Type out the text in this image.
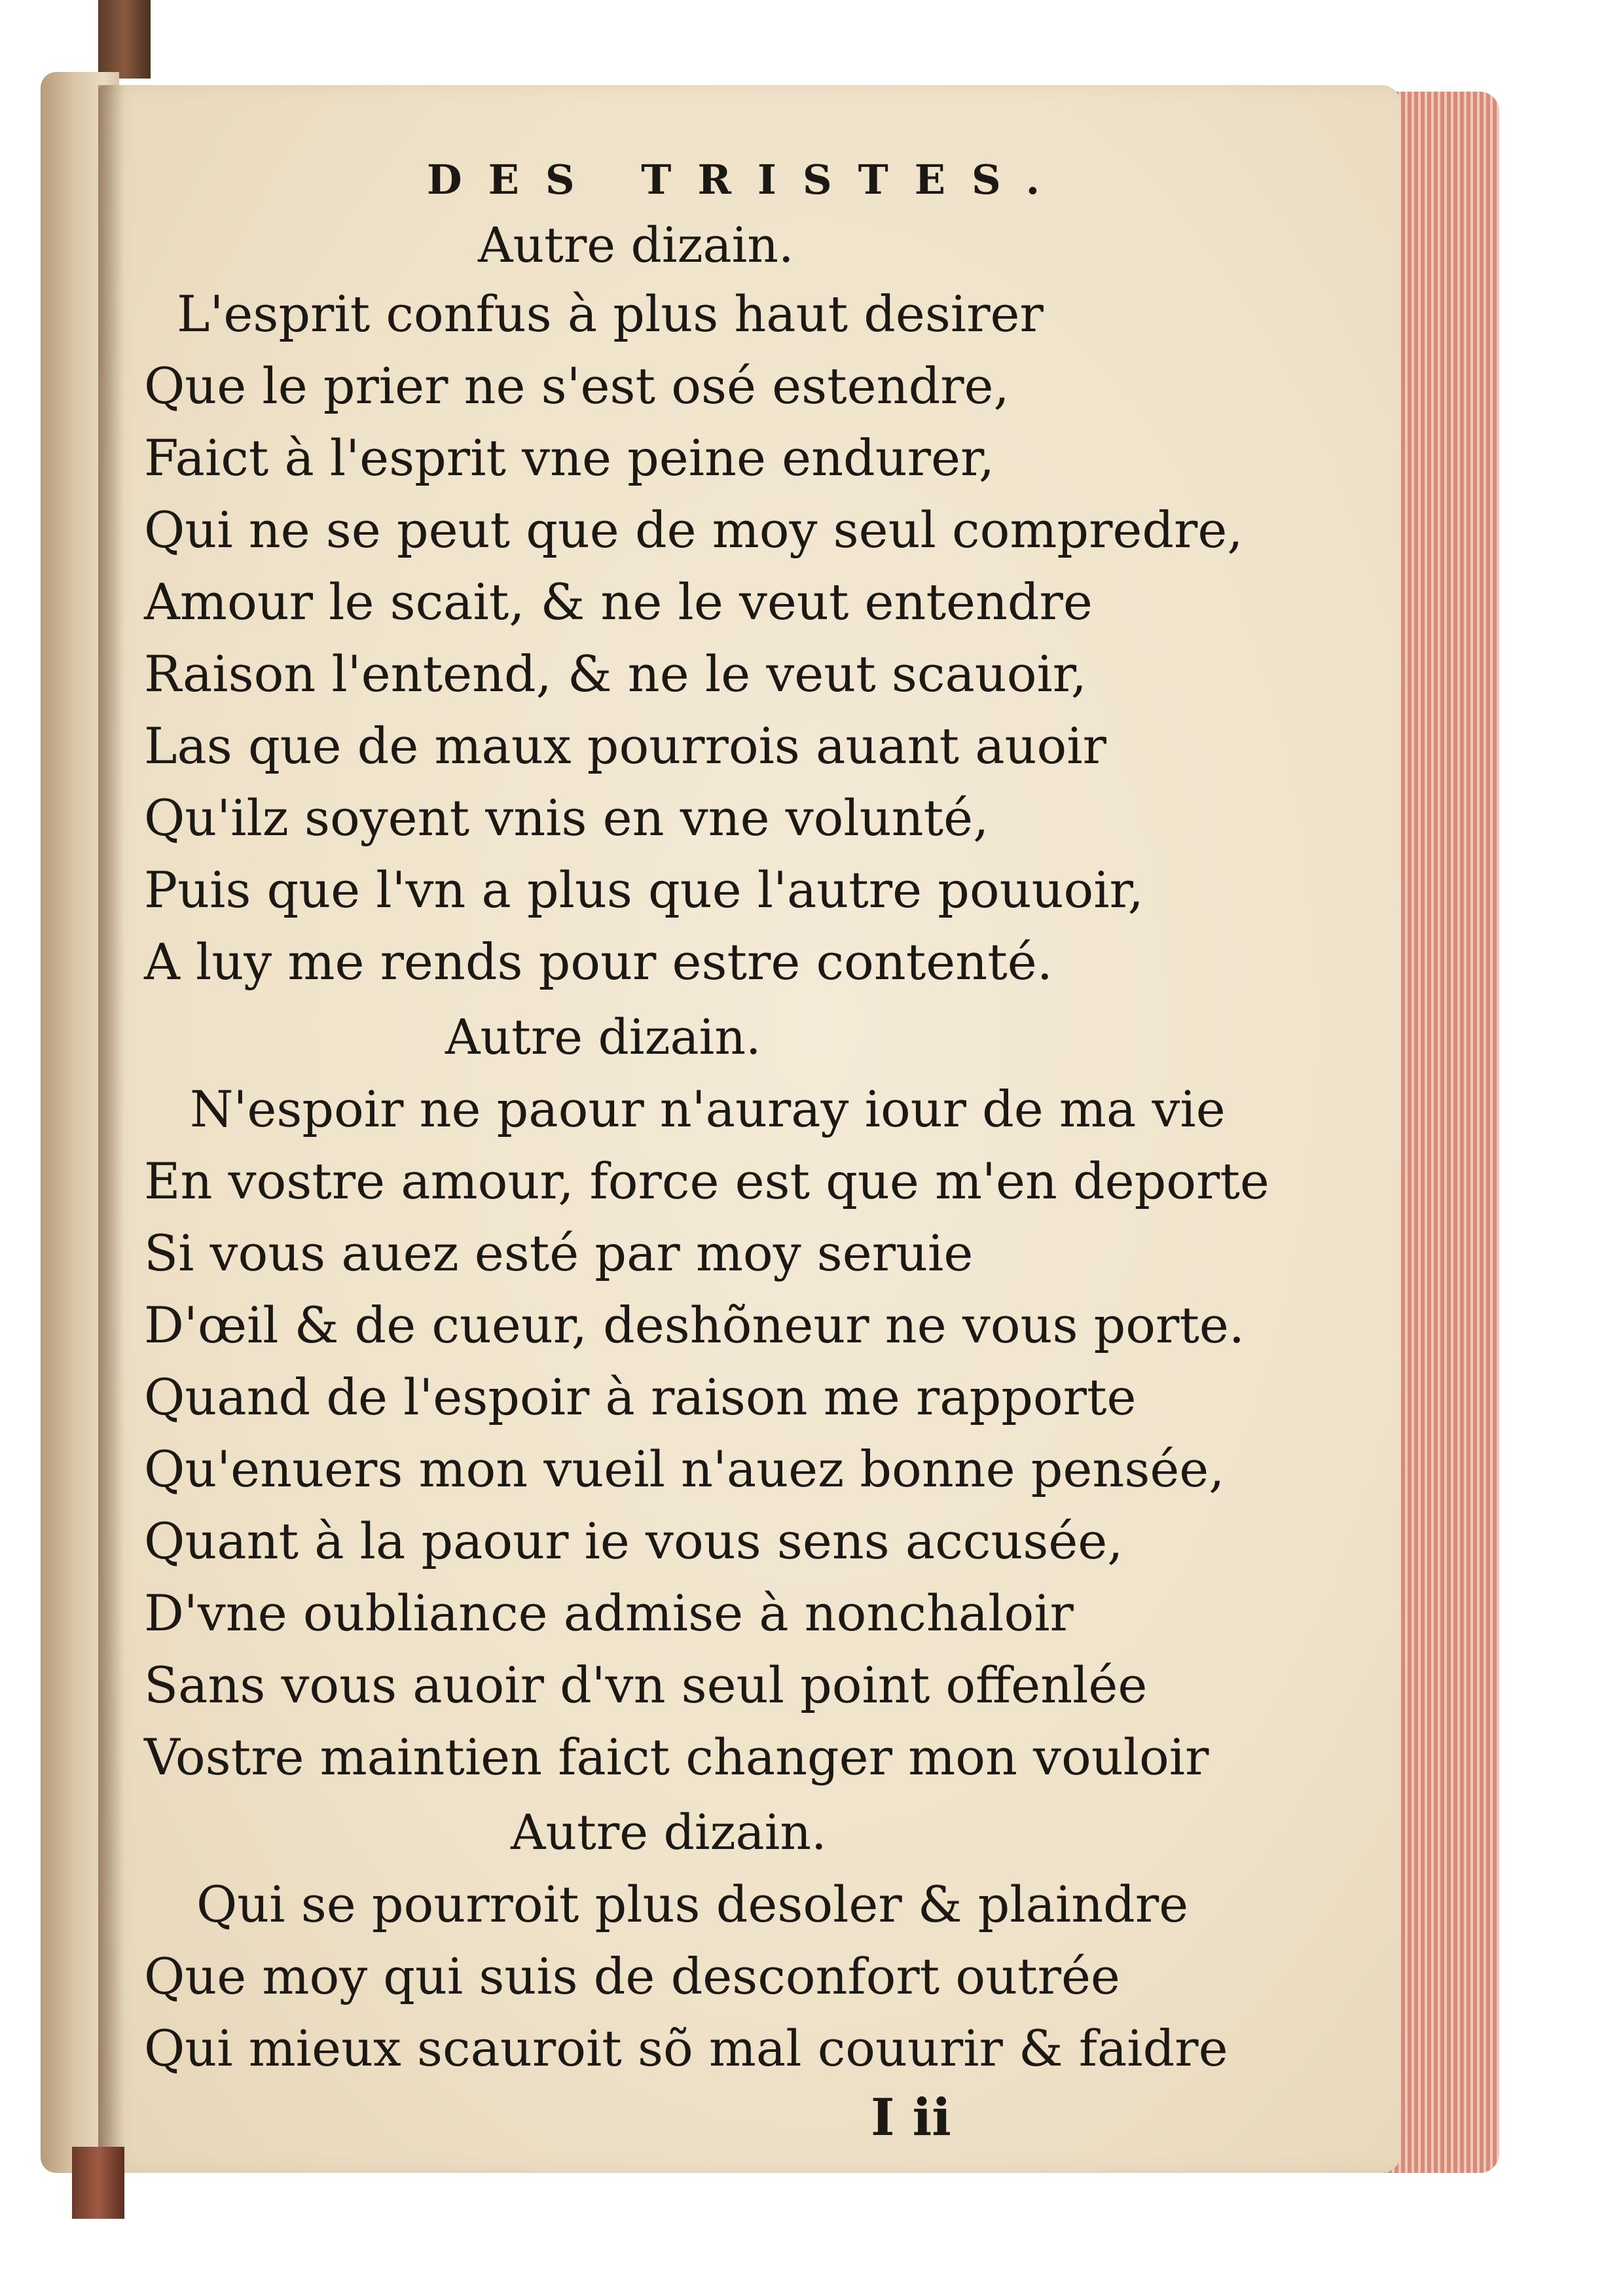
DES TRISTES.
Autre dizain.
L'esprit confus à plus haut desirer
Que le prier ne s'est osé estendre,
Faict à l'esprit vne peine endurer,
Qui ne se peut que de moy seul compredre,
Amour le scait, & ne le veut entendre
Raison l'entend, & ne le veut scauoir,
Las que de maux pourrois auant auoir
Qu'ilz soyent vnis en vne volunté,
Puis que l'vn a plus que l'autre pouuoir,
A luy me rends pour estre contenté.
Autre dizain.
N'espoir ne paour n'auray iour de ma vie
En vostre amour, force est que m'en deporte
Si vous auez esté par moy seruie
D'œil & de cueur, deshõneur ne vous porte.
Quand de l'espoir à raison me rapporte
Qu'enuers mon vueil n'auez bonne pensée,
Quant à la paour ie vous sens accusée,
D'vne oubliance admise à nonchaloir
Sans vous auoir d'vn seul point offenlée
Vostre maintien faict changer mon vouloir
Autre dizain.
Qui se pourroit plus desoler & plaindre
Que moy qui suis de desconfort outrée
Qui mieux scauroit sõ mal couurir & faidre
I ii
